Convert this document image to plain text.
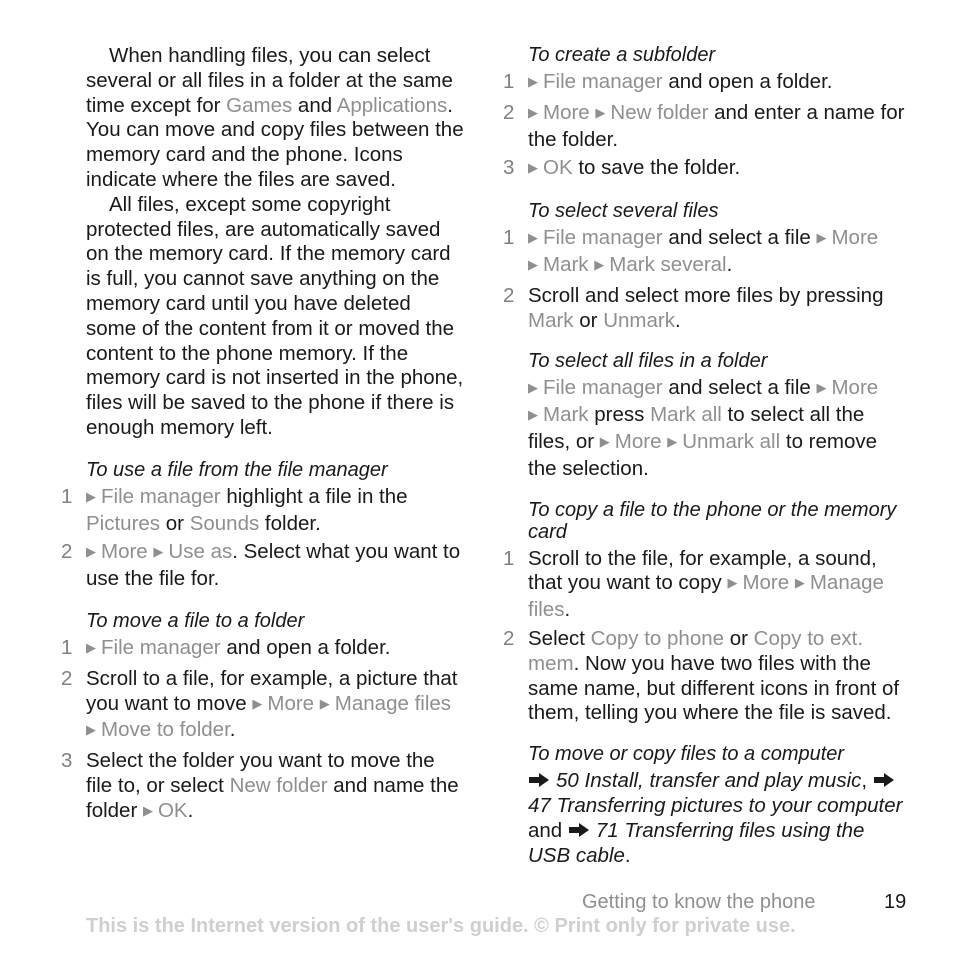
When handling files, you can select several or all files in a folder at the same time except for Games and Applications. You can move and copy files between the memory card and the phone. Icons indicate where the files are saved.

All files, except some copyright protected files, are automatically saved on the memory card. If the memory card is full, you cannot save anything on the memory card until you have deleted some of the content from it or moved the content to the phone memory. If the memory card is not inserted in the phone, files will be saved to the phone if there is enough memory left.

To use a file from the file manager
1 ▶ File manager highlight a file in the Pictures or Sounds folder.
2 ▶ More ▶ Use as. Select what you want to use the file for.
To move a file to a folder
1 ▶ File manager and open a folder.
2 Scroll to a file, for example, a picture that you want to move ▶ More ▶ Manage files ▶ Move to folder.
3 Select the folder you want to move the file to, or select New folder and name the folder ▶ OK.
To create a subfolder
1 ▶ File manager and open a folder.
2 ▶ More ▶ New folder and enter a name for the folder.
3 ▶ OK to save the folder.
To select several files
1 ▶ File manager and select a file ▶ More ▶ Mark ▶ Mark several.
2 Scroll and select more files by pressing Mark or Unmark.
To select all files in a folder
▶ File manager and select a file ▶ More ▶ Mark press Mark all to select all the files, or ▶ More ▶ Unmark all to remove the selection.
To copy a file to the phone or the memory card
1 Scroll to the file, for example, a sound, that you want to copy ▶ More ▶ Manage files.
2 Select Copy to phone or Copy to ext. mem. Now you have two files with the same name, but different icons in front of them, telling you where the file is saved.
To move or copy files to a computer
50 Install, transfer and play music, 47 Transferring pictures to your computer and 71 Transferring files using the USB cable.
Getting to know the phone	19
This is the Internet version of the user's guide. © Print only for private use.
